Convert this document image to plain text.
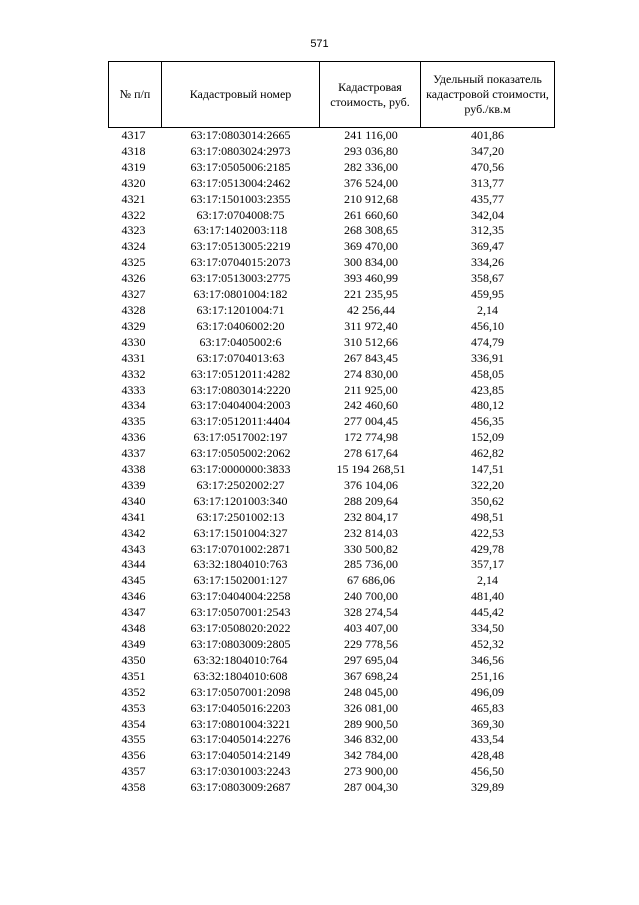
571
№ п/п	Кадастровый номер	Кадастровая стоимость, руб.	Удельный показатель кадастровой стоимости, руб./кв.м
4317	63:17:0803014:2665	241 116,00	401,86
4318	63:17:0803024:2973	293 036,80	347,20
4319	63:17:0505006:2185	282 336,00	470,56
4320	63:17:0513004:2462	376 524,00	313,77
4321	63:17:1501003:2355	210 912,68	435,77
4322	63:17:0704008:75	261 660,60	342,04
4323	63:17:1402003:118	268 308,65	312,35
4324	63:17:0513005:2219	369 470,00	369,47
4325	63:17:0704015:2073	300 834,00	334,26
4326	63:17:0513003:2775	393 460,99	358,67
4327	63:17:0801004:182	221 235,95	459,95
4328	63:17:1201004:71	42 256,44	2,14
4329	63:17:0406002:20	311 972,40	456,10
4330	63:17:0405002:6	310 512,66	474,79
4331	63:17:0704013:63	267 843,45	336,91
4332	63:17:0512011:4282	274 830,00	458,05
4333	63:17:0803014:2220	211 925,00	423,85
4334	63:17:0404004:2003	242 460,60	480,12
4335	63:17:0512011:4404	277 004,45	456,35
4336	63:17:0517002:197	172 774,98	152,09
4337	63:17:0505002:2062	278 617,64	462,82
4338	63:17:0000000:3833	15 194 268,51	147,51
4339	63:17:2502002:27	376 104,06	322,20
4340	63:17:1201003:340	288 209,64	350,62
4341	63:17:2501002:13	232 804,17	498,51
4342	63:17:1501004:327	232 814,03	422,53
4343	63:17:0701002:2871	330 500,82	429,78
4344	63:32:1804010:763	285 736,00	357,17
4345	63:17:1502001:127	67 686,06	2,14
4346	63:17:0404004:2258	240 700,00	481,40
4347	63:17:0507001:2543	328 274,54	445,42
4348	63:17:0508020:2022	403 407,00	334,50
4349	63:17:0803009:2805	229 778,56	452,32
4350	63:32:1804010:764	297 695,04	346,56
4351	63:32:1804010:608	367 698,24	251,16
4352	63:17:0507001:2098	248 045,00	496,09
4353	63:17:0405016:2203	326 081,00	465,83
4354	63:17:0801004:3221	289 900,50	369,30
4355	63:17:0405014:2276	346 832,00	433,54
4356	63:17:0405014:2149	342 784,00	428,48
4357	63:17:0301003:2243	273 900,00	456,50
4358	63:17:0803009:2687	287 004,30	329,89
